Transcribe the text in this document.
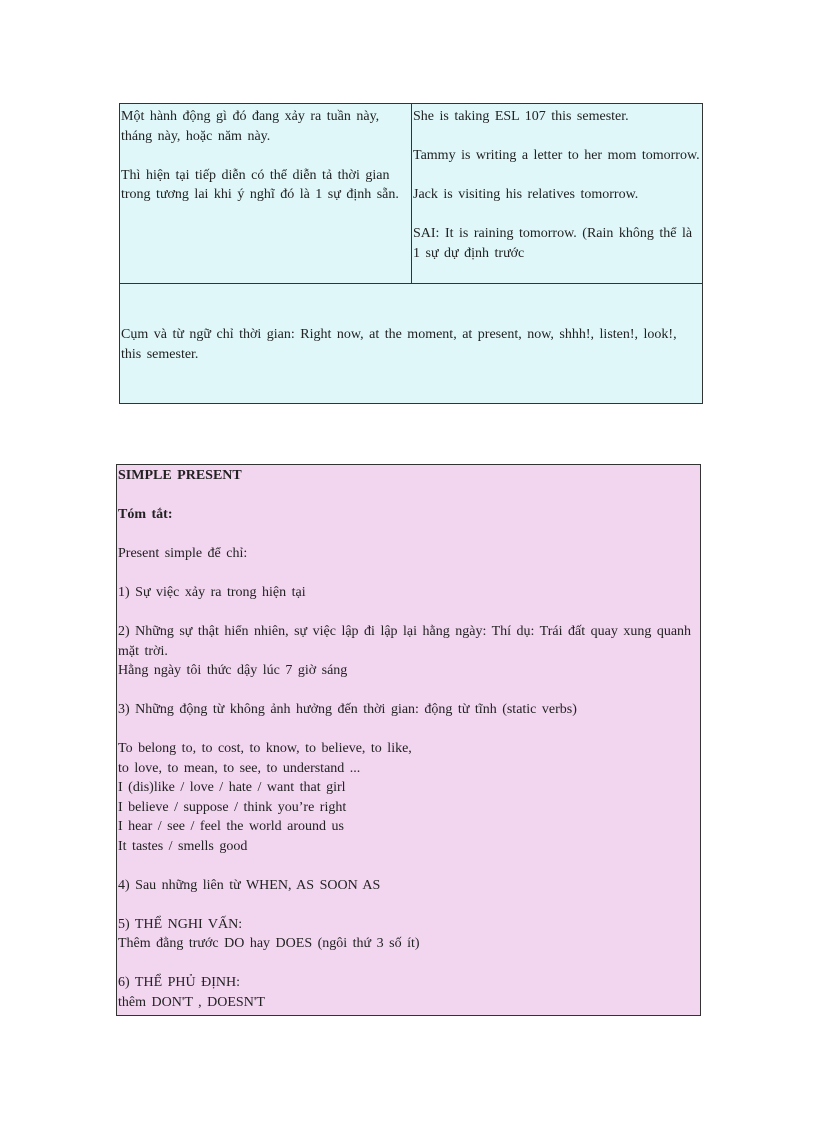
Một hành động gì đó đang xảy ra tuần này, tháng này, hoặc năm này.

Thì hiện tại tiếp diễn có thể diễn tả thời gian trong tương lai khi ý nghĩ đó là 1 sự định sẵn.

She is taking ESL 107 this semester.

Tammy is writing a letter to her mom tomorrow.

Jack is visiting his relatives tomorrow.

SAI: It is raining tomorrow. (Rain không thể là 1 sự dự định trước

Cụm và từ ngữ chỉ thời gian: Right now, at the moment, at present, now, shhh!, listen!, look!, this semester.

SIMPLE PRESENT

Tóm tắt:

Present simple để chỉ:

1) Sự việc xảy ra trong hiện tại

2) Những sự thật hiển nhiên, sự việc lập đi lập lại hằng ngày: Thí dụ: Trái đất quay xung quanh mặt trời.
Hằng ngày tôi thức dậy lúc 7 giờ sáng

3) Những động từ không ảnh hưởng đến thời gian: động từ tĩnh (static verbs)

To belong to, to cost, to know, to believe, to like,
to love, to mean, to see, to understand ...
I (dis)like / love / hate / want that girl
I believe / suppose / think you’re right
I hear / see / feel the world around us
It tastes / smells good

4) Sau những liên từ WHEN, AS SOON AS

5) THỂ NGHI VẤN:
Thêm đằng trước DO hay DOES (ngôi thứ 3 số ít)

6) THỂ PHỦ ĐỊNH:
thêm DON'T , DOESN'T
